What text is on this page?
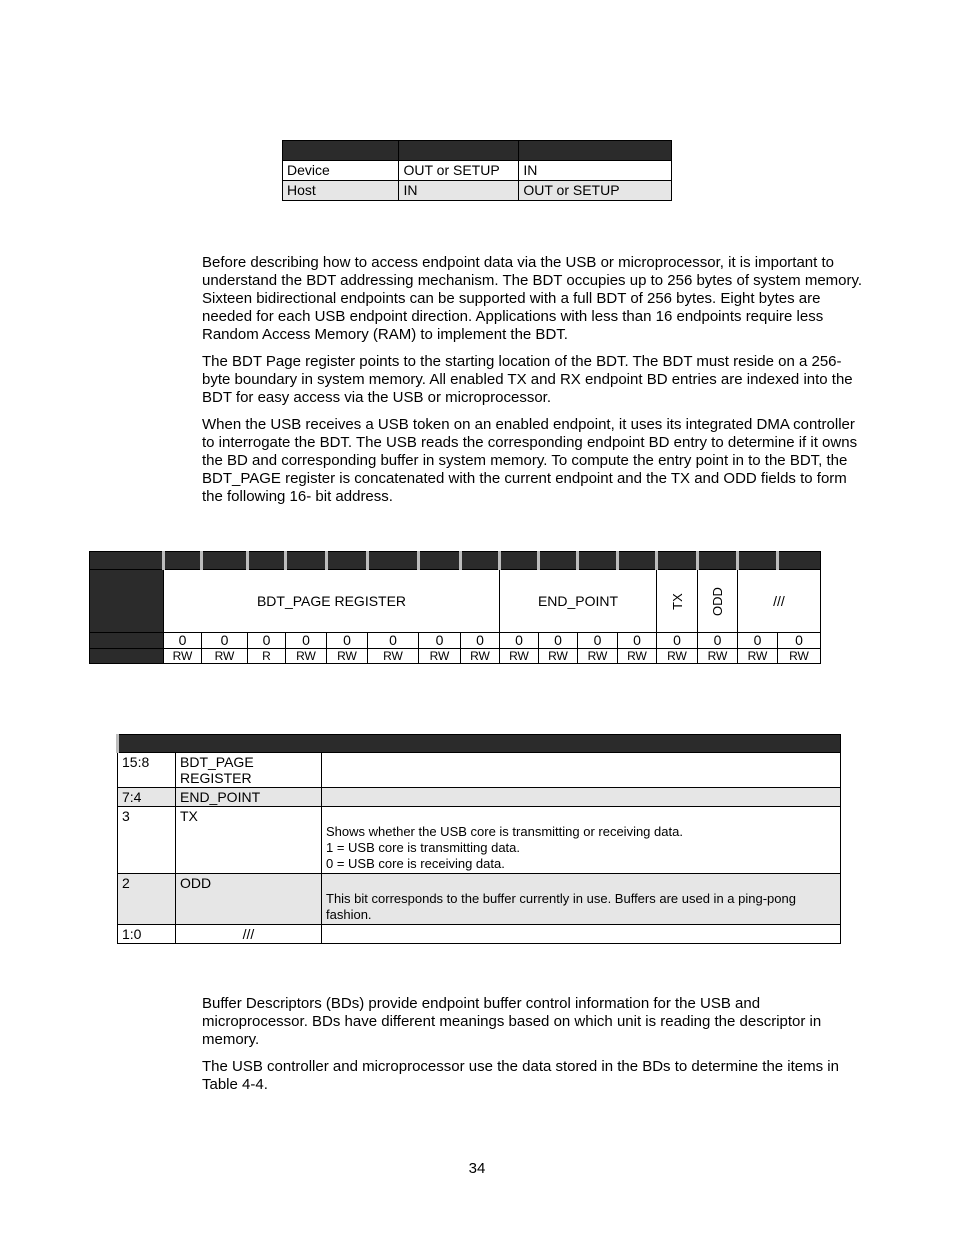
Device	OUT or SETUP	IN
Host	IN	OUT or SETUP

Before describing how to access endpoint data via the USB or microprocessor, it is important to understand the BDT addressing mechanism. The BDT occupies up to 256 bytes of system memory. Sixteen bidirectional endpoints can be supported with a full BDT of 256 bytes. Eight bytes are needed for each USB endpoint direction. Applications with less than 16 endpoints require less Random Access Memory (RAM) to implement the BDT.

The BDT Page register points to the starting location of the BDT. The BDT must reside on a 256-byte boundary in system memory. All enabled TX and RX endpoint BD entries are indexed into the BDT for easy access via the USB or microprocessor.

When the USB receives a USB token on an enabled endpoint, it uses its integrated DMA controller to interrogate the BDT. The USB reads the corresponding endpoint BD entry to determine if it owns the BD and corresponding buffer in system memory. To compute the entry point in to the BDT, the BDT_PAGE register is concatenated with the current endpoint and the TX and ODD fields to form the following 16- bit address.

	BDT_PAGE REGISTER								END_POINT				TX	ODD	///	
	0	0	0	0	0	0	0	0	0	0	0	0	0	0	0	0
	RW	RW	R	RW	RW	RW	RW	RW	RW	RW	RW	RW	RW	RW	RW	RW

15:8	BDT_PAGE
REGISTER	
7:4	END_POINT	
3	TX	Shows whether the USB core is transmitting or receiving data.
1 = USB core is transmitting data.
0 = USB core is receiving data.

2	ODD	This bit corresponds to the buffer currently in use. Buffers are used in a ping-pong fashion.

1:0	///	

Buffer Descriptors (BDs) provide endpoint buffer control information for the USB and microprocessor. BDs have different meanings based on which unit is reading the descriptor in memory.

The USB controller and microprocessor use the data stored in the BDs to determine the items in Table 4-4.

34
